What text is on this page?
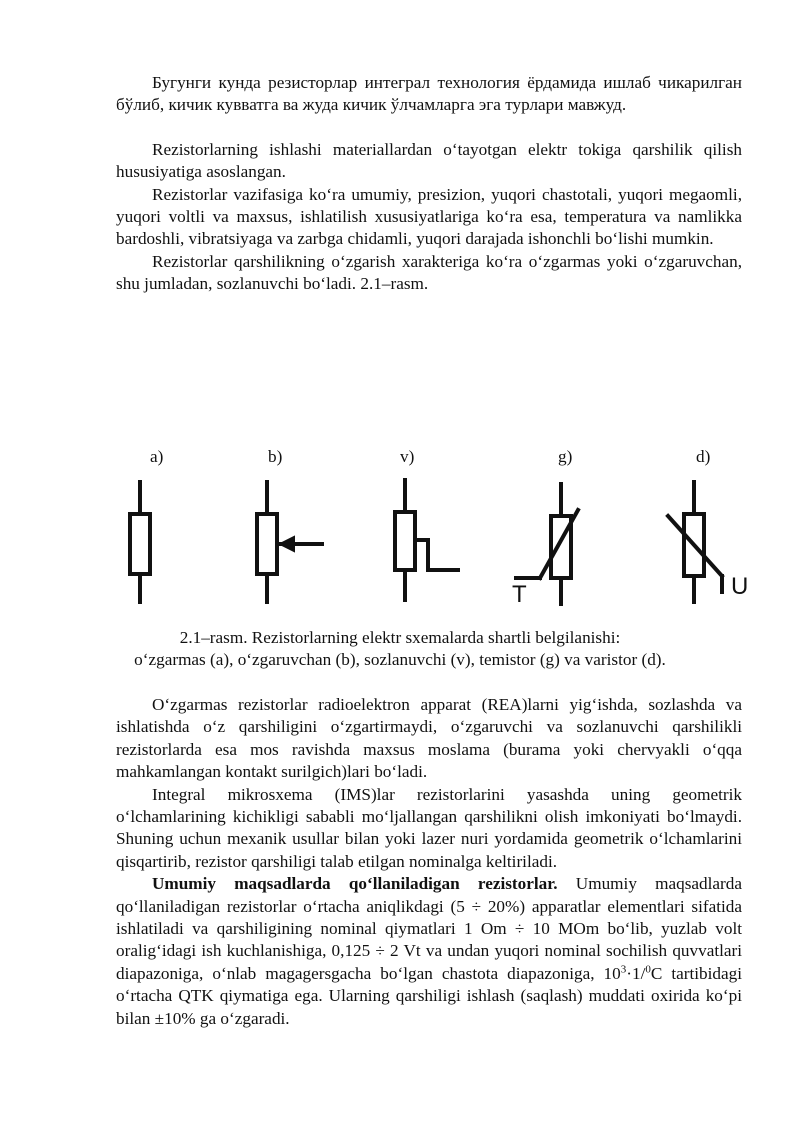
Бугунги кунда резисторлар интеграл технология ёрдамида ишлаб чикарилган бўлиб, кичик кувватга ва жуда кичик ўлчамларга эга турлари мавжуд.

Rezistorlarning ishlashi materiallardan oʻtayotgan elektr tokiga qarshilik qilish hususiyatiga asoslangan.

Rezistorlar vazifasiga koʻra umumiy, presizion, yuqori chastotali, yuqori megaomli, yuqori voltli va maxsus, ishlatilish xususiyatlariga koʻra esa, temperatura va namlikka bardoshli, vibratsiyaga va zarbga chidamli, yuqori darajada ishonchli boʻlishi mumkin.

Rezistorlar qarshilikning oʻzgarish xarakteriga koʻra oʻzgarmas yoki oʻzgaruvchan, shu jumladan, sozlanuvchi boʻladi. 2.1–rasm.

a)	b)	v)	g)	d)
T	U
2.1–rasm. Rezistorlarning elektr sxemalarda shartli belgilanishi:
oʻzgarmas (a), oʻzgaruvchan (b), sozlanuvchi (v), temistor (g) va varistor (d).

Oʻzgarmas rezistorlar radioelektron apparat (REA)larni yigʻishda, sozlashda va ishlatishda oʻz qarshiligini oʻzgartirmaydi, oʻzgaruvchi va sozlanuvchi qarshilikli rezistorlarda esa mos ravishda maxsus moslama (burama yoki chervyakli oʻqqa mahkamlangan kontakt surilgich)lari boʻladi.

Integral mikrosxema (IMS)lar rezistorlarini yasashda uning geometrik oʻlchamlarining kichikligi sababli moʻljallangan qarshilikni olish imkoniyati boʻlmaydi. Shuning uchun mexanik usullar bilan yoki lazer nuri yordamida geometrik oʻlchamlarini qisqartirib, rezistor qarshiligi talab etilgan nominalga keltiriladi.

Umumiy maqsadlarda qoʻllaniladigan rezistorlar. Umumiy maqsadlarda qoʻllaniladigan rezistorlar oʻrtacha aniqlikdagi (5 ÷ 20%) apparatlar elementlari sifatida ishlatiladi va qarshiligining nominal qiymatlari 1 Om ÷ 10 MOm boʻlib, yuzlab volt oraligʻidagi ish kuchlanishiga, 0,125 ÷ 2 Vt va undan yuqori nominal sochilish quvvatlari diapazoniga, oʻnlab magagersgacha boʻlgan chastota diapazoniga, $10^3\cdot 1/^0C$ tartibidagi oʻrtacha QTK qiymatiga ega. Ularning qarshiligi ishlash (saqlash) muddati oxirida koʻpi bilan ±10% ga oʻzgaradi.
